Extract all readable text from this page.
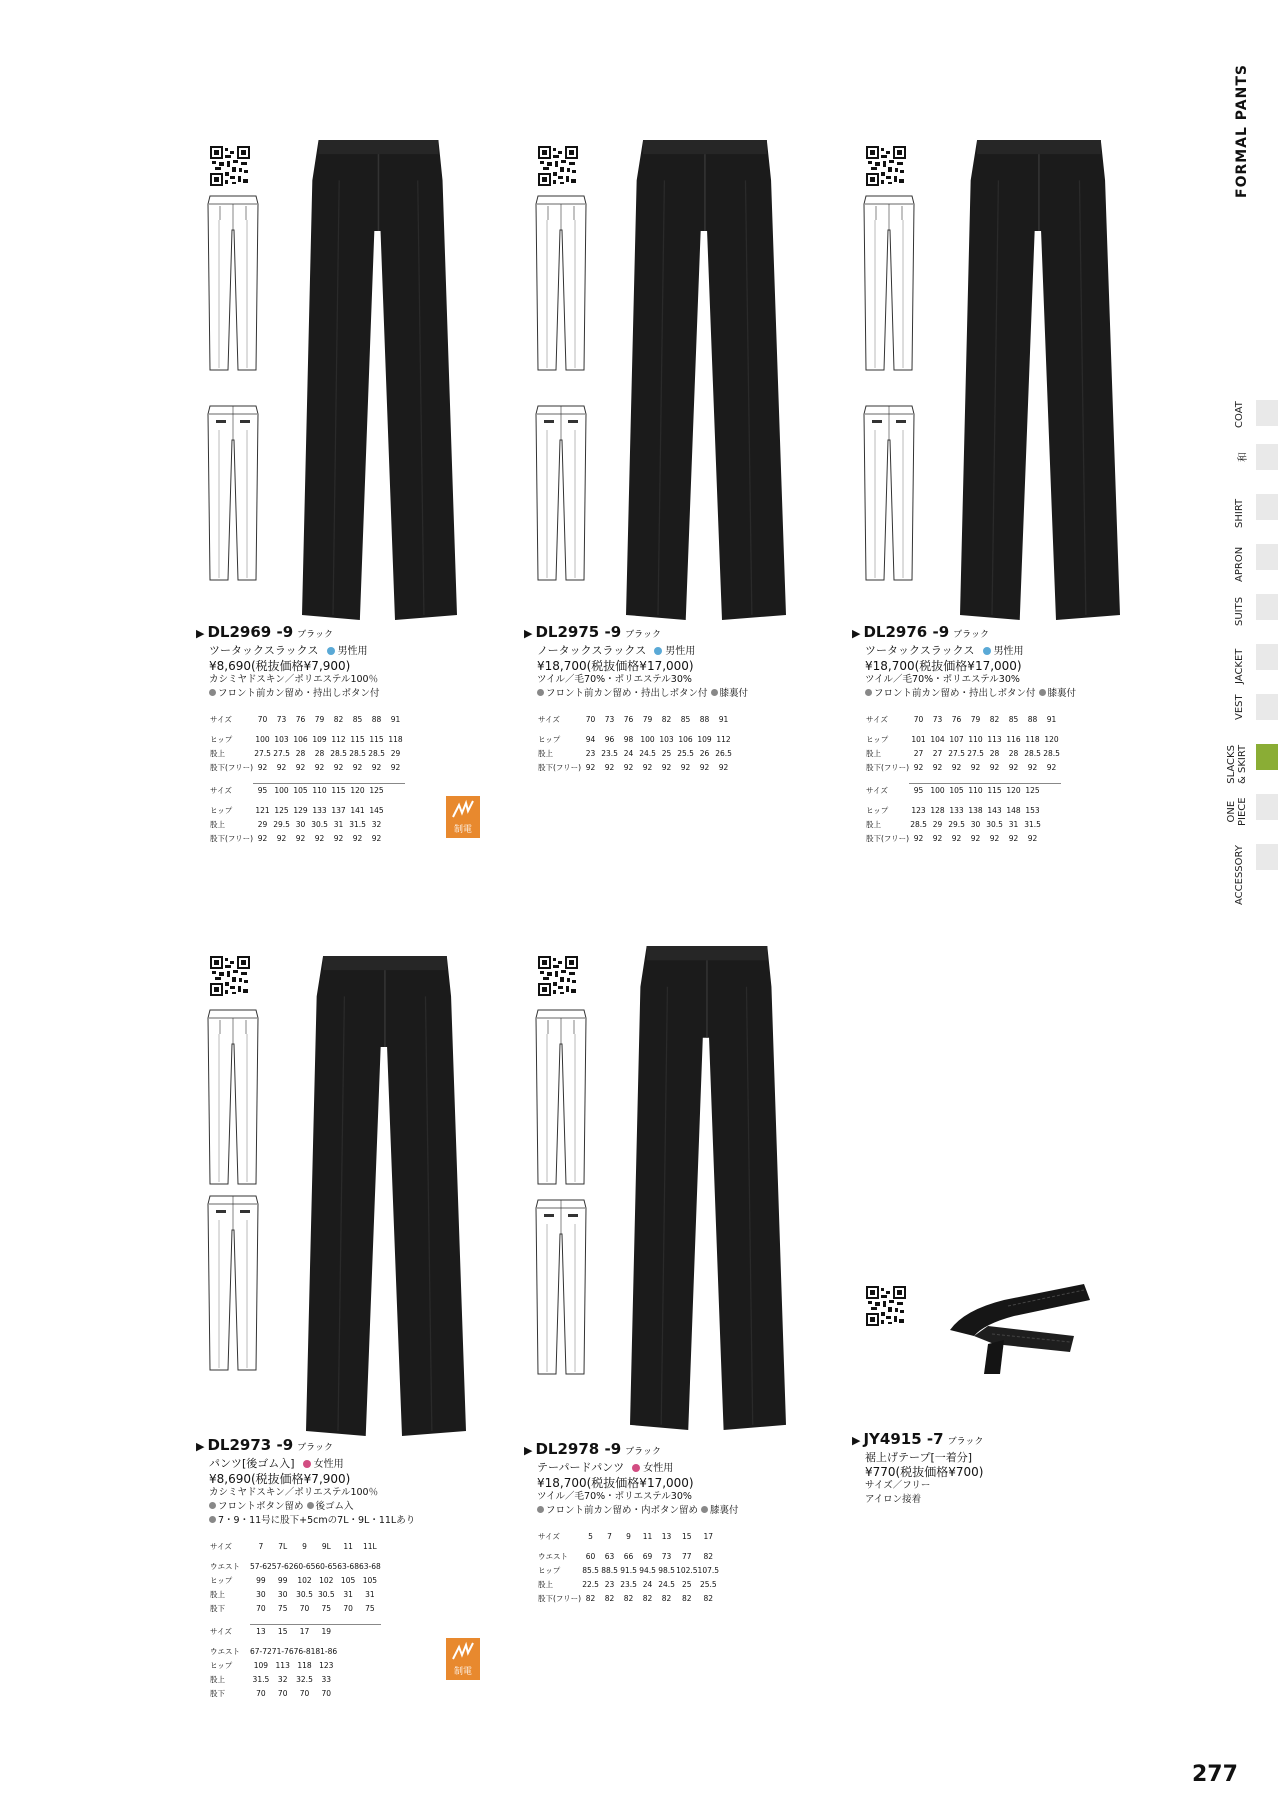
FORMAL PANTS
COAT
和
SHIRT
APRON
SUITS
JACKET
VEST
SLACKS
& SKIRT
ONE
PIECE
ACCESSORY
277
▶ DL2969 -9 ブラック
ツータックスラックス 男性用
¥8,690(税抜価格¥7,900)
カシミヤドスキン／ポリエステル100％
フロント前カン留め・持出しボタン付
サイズ	70	73	76	79	82	85	88	91

ヒップ	100	103	106	109	112	115	115	118
股上	27.5	27.5	28	28	28.5	28.5	28.5	29
股下(フリー)	92	92	92	92	92	92	92	92

サイズ	95	100	105	110	115	120	125	

ヒップ	121	125	129	133	137	141	145	
股上	29	29.5	30	30.5	31	31.5	32	
股下(フリー)	92	92	92	92	92	92	92	
制電
▶ DL2975 -9 ブラック
ノータックスラックス 男性用
¥18,700(税抜価格¥17,000)
ツイル／毛70%・ポリエステル30%
フロント前カン留め・持出しボタン付 膝裏付
サイズ	70	73	76	79	82	85	88	91

ヒップ	94	96	98	100	103	106	109	112
股上	23	23.5	24	24.5	25	25.5	26	26.5
股下(フリー)	92	92	92	92	92	92	92	92
▶ DL2976 -9 ブラック
ツータックスラックス 男性用
¥18,700(税抜価格¥17,000)
ツイル／毛70%・ポリエステル30%
フロント前カン留め・持出しボタン付 膝裏付
サイズ	70	73	76	79	82	85	88	91

ヒップ	101	104	107	110	113	116	118	120
股上	27	27	27.5	27.5	28	28	28.5	28.5
股下(フリー)	92	92	92	92	92	92	92	92

サイズ	95	100	105	110	115	120	125	

ヒップ	123	128	133	138	143	148	153	
股上	28.5	29	29.5	30	30.5	31	31.5	
股下(フリー)	92	92	92	92	92	92	92	
▶ DL2973 -9 ブラック
パンツ[後ゴム入] 女性用
¥8,690(税抜価格¥7,900)
カシミヤドスキン／ポリエステル100％
フロントボタン留め 後ゴム入
7・9・11号に股下+5cmの7L・9L・11Lあり
サイズ	7	7L	9	9L	11	11L

ウエスト	57-62	57-62	60-65	60-65	63-68	63-68
ヒップ	99	99	102	102	105	105
股上	30	30	30.5	30.5	31	31
股下	70	75	70	75	70	75

サイズ	13	15	17	19		

ウエスト	67-72	71-76	76-81	81-86		
ヒップ	109	113	118	123		
股上	31.5	32	32.5	33		
股下	70	70	70	70		
制電
▶ DL2978 -9 ブラック
テーパードパンツ 女性用
¥18,700(税抜価格¥17,000)
ツイル／毛70%・ポリエステル30%
フロント前カン留め・内ボタン留め 膝裏付
サイズ	5	7	9	11	13	15	17

ウエスト	60	63	66	69	73	77	82
ヒップ	85.5	88.5	91.5	94.5	98.5	102.5	107.5
股上	22.5	23	23.5	24	24.5	25	25.5
股下(フリー)	82	82	82	82	82	82	82
▶ JY4915 -7 ブラック
裾上げテープ[一着分]
¥770(税抜価格¥700)
サイズ／フリー
アイロン接着
